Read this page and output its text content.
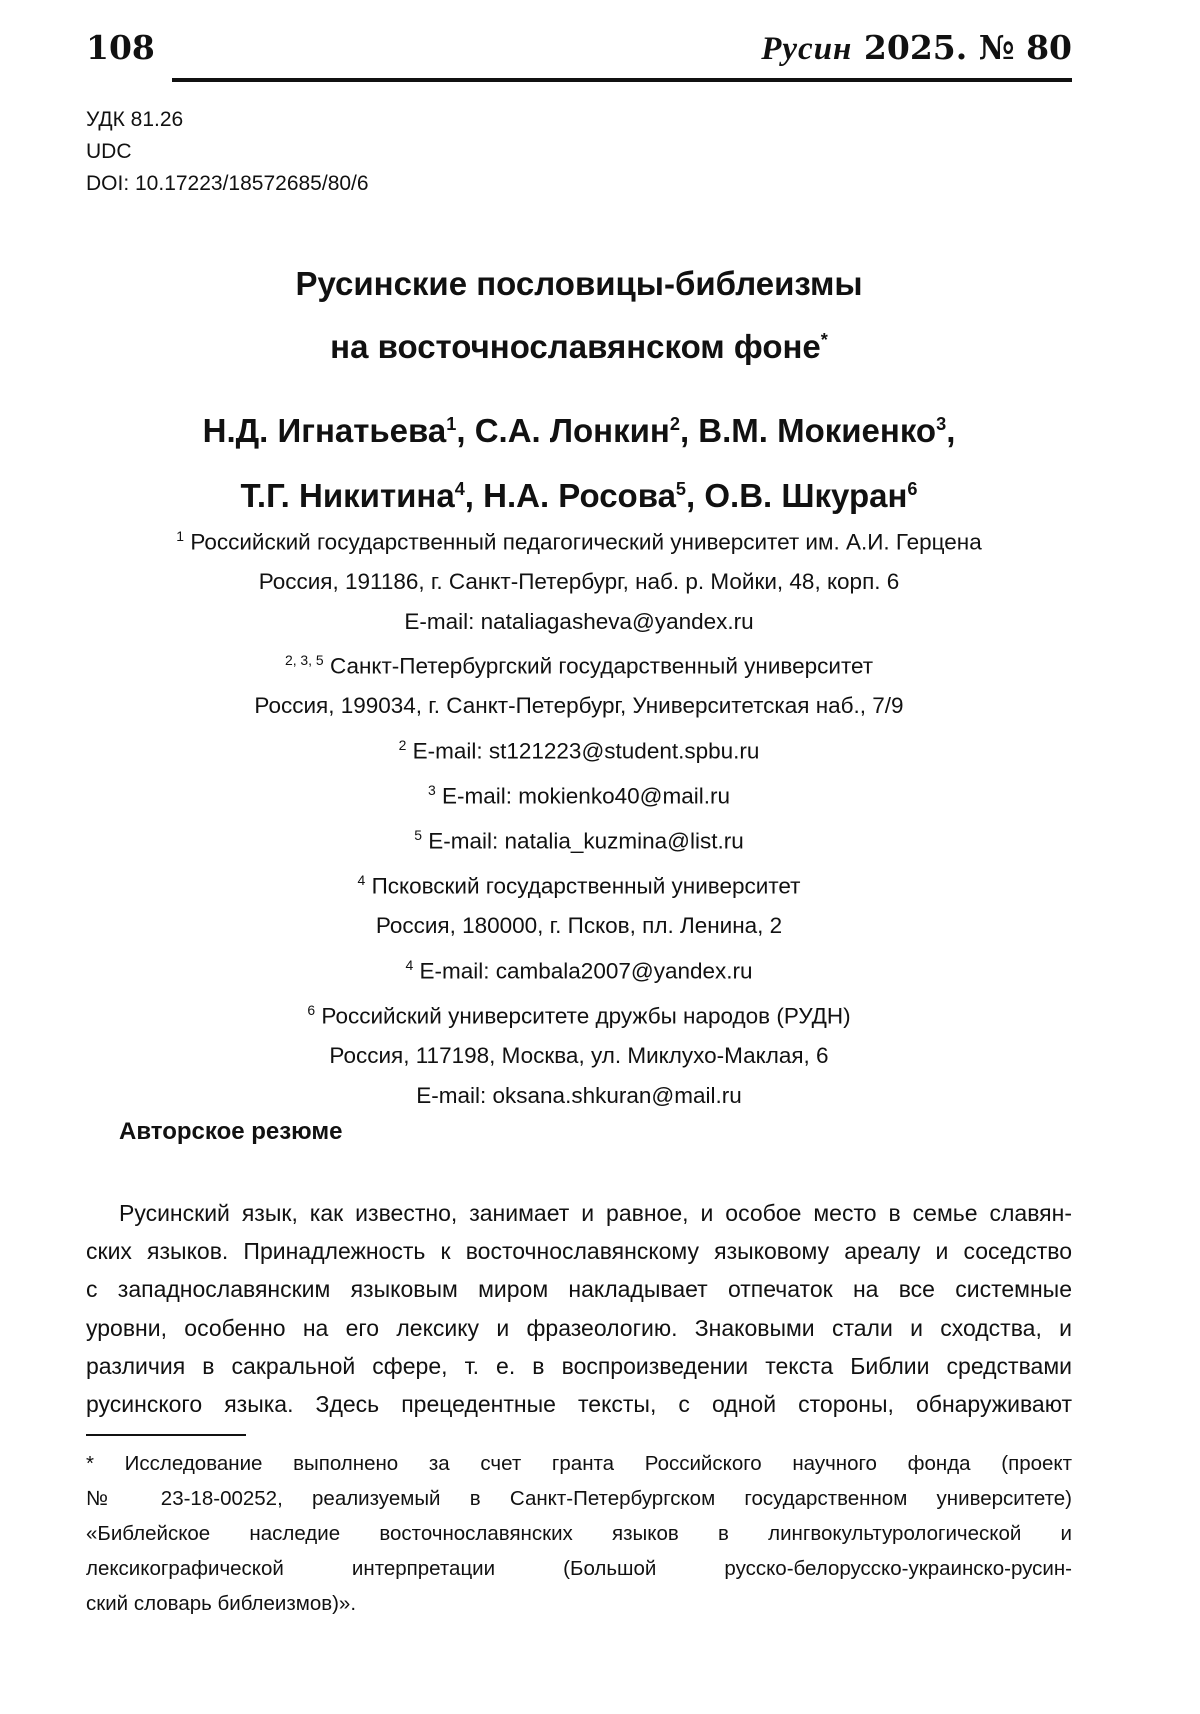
108	Русин 2025. № 80
УДК 81.26
UDC
DOI: 10.17223/18572685/80/6
Русинские пословицы-библеизмы
на восточнославянском фоне*
Н.Д. Игнатьева$^1$, С.А. Лонкин$^2$, В.М. Мокиенко$^3$,
Т.Г. Никитина$^4$, Н.А. Росова$^5$, О.В. Шкуран$^6$
$^1$ Российский государственный педагогический университет им. А.И. Герцена
Россия, 191186, г. Санкт-Петербург, наб. р. Мойки, 48, корп. 6
E-mail: nataliagasheva@yandex.ru
$^{2, 3, 5}$ Санкт-Петербургский государственный университет
Россия, 199034, г. Санкт-Петербург, Университетская наб., 7/9
$^2$ E-mail: st121223@student.spbu.ru
$^3$ E-mail: mokienko40@mail.ru
$^5$ E-mail: natalia_kuzmina@list.ru
$^4$ Псковский государственный университет
Россия, 180000, г. Псков, пл. Ленина, 2
$^4$ E-mail: cambala2007@yandex.ru
$^6$ Российский университете дружбы народов (РУДН)
Россия, 117198, Москва, ул. Миклухо-Маклая, 6
E-mail: oksana.shkuran@mail.ru
Авторское резюме
Русинский язык, как известно, занимает и равное, и особое место в семье славян-
ских языков. Принадлежность к восточнославянскому языковому ареалу и соседство
с западнославянским языковым миром накладывает отпечаток на все системные
уровни, особенно на его лексику и фразеологию. Знаковыми стали и сходства, и
различия в сакральной сфере, т. е. в воспроизведении текста Библии средствами
русинского языка. Здесь прецедентные тексты, с одной стороны, обнаруживают
* Исследование выполнено за счет гранта Российского научного фонда (проект
№ 23-18-00252, реализуемый в Санкт-Петербургском государственном университете)
«Библейское наследие восточнославянских языков в лингвокультурологической и
лексикографической интерпретации (Большой русско-белорусско-украинско-русин-
ский словарь библеизмов)».
